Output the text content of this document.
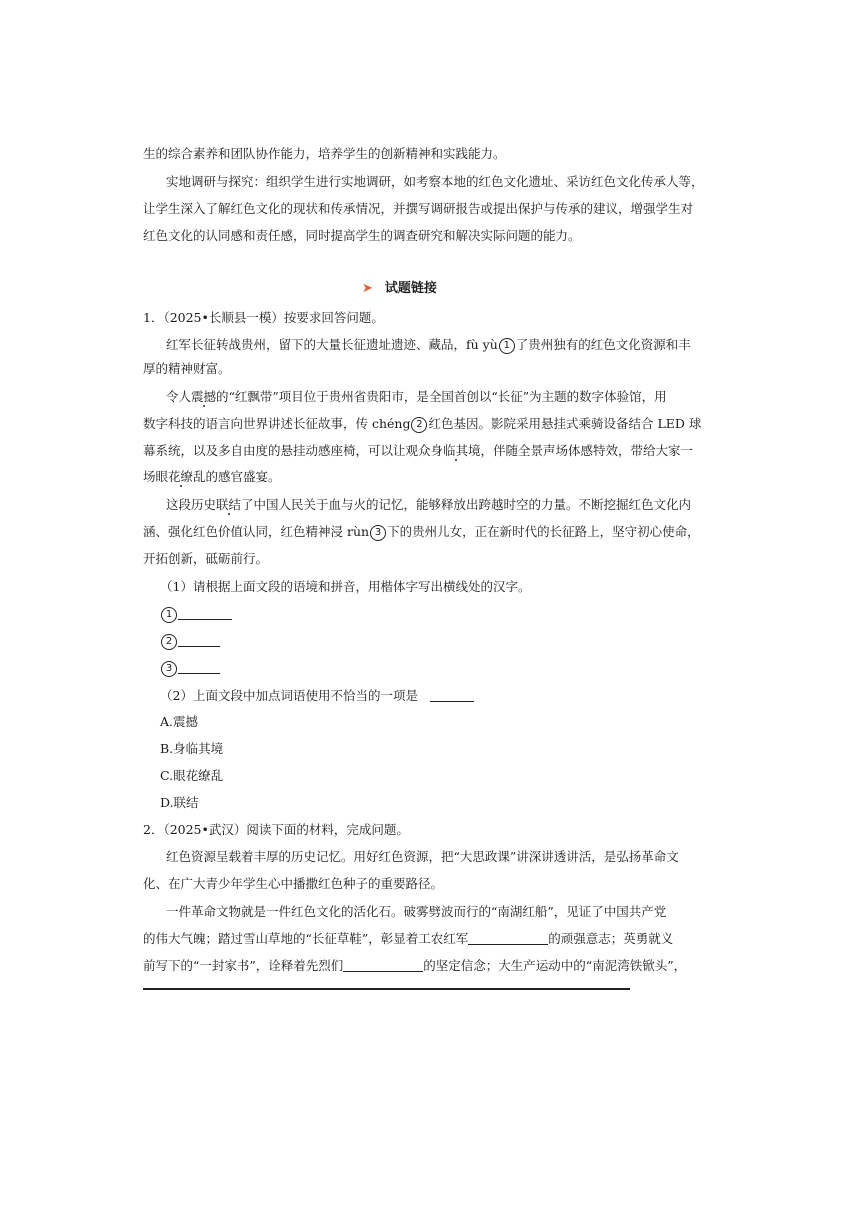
生的综合素养和团队协作能力，培养学生的创新精神和实践能力。
实地调研与探究：组织学生进行实地调研，如考察本地的红色文化遗址、采访红色文化传承人等，
让学生深入了解红色文化的现状和传承情况，并撰写调研报告或提出保护与传承的建议，增强学生对
红色文化的认同感和责任感，同时提高学生的调查研究和解决实际问题的能力。
➤ 试题链接
1．（2025•长顺县一模）按要求回答问题。
红军长征转战贵州，留下的大量长征遗址遗迹、藏品，fù yù 1 了贵州独有的红色文化资源和丰
厚的精神财富。
令人震撼的“红飘带”项目位于贵州省贵阳市，是全国首创以“长征”为主题的数字体验馆，用
数字科技的语言向世界讲述长征故事，传 chéng 2 红色基因。影院采用悬挂式乘骑设备结合 LED 球
幕系统，以及多自由度的悬挂动感座椅，可以让观众身临其境，伴随全景声场体感特效，带给大家一
场眼花缭乱的感官盛宴。
这段历史联结了中国人民关于血与火的记忆，能够释放出跨越时空的力量。不断挖掘红色文化内
涵、强化红色价值认同，红色精神浸 rùn 3 下的贵州儿女，正在新时代的长征路上，坚守初心使命，
开拓创新，砥砺前行。
（1）请根据上面文段的语境和拼音，用楷体字写出横线处的汉字。
1
2
3
（2）上面文段中加点词语使用不恰当的一项是
A.震撼
B.身临其境
C.眼花缭乱
D.联结
2．（2025•武汉）阅读下面的材料，完成问题。
红色资源呈载着丰厚的历史记忆。用好红色资源，把“大思政课”讲深讲透讲活，是弘扬革命文
化、在广大青少年学生心中播撒红色种子的重要路径。
一件革命文物就是一件红色文化的活化石。破雾劈波而行的“南湖红船”，见证了中国共产党
的伟大气魄；踏过雪山草地的“长征草鞋”，彰显着工农红军	的顽强意志；英勇就义
前写下的“一封家书”，诠释着先烈们	的坚定信念；大生产运动中的“南泥湾铁锨头”，
